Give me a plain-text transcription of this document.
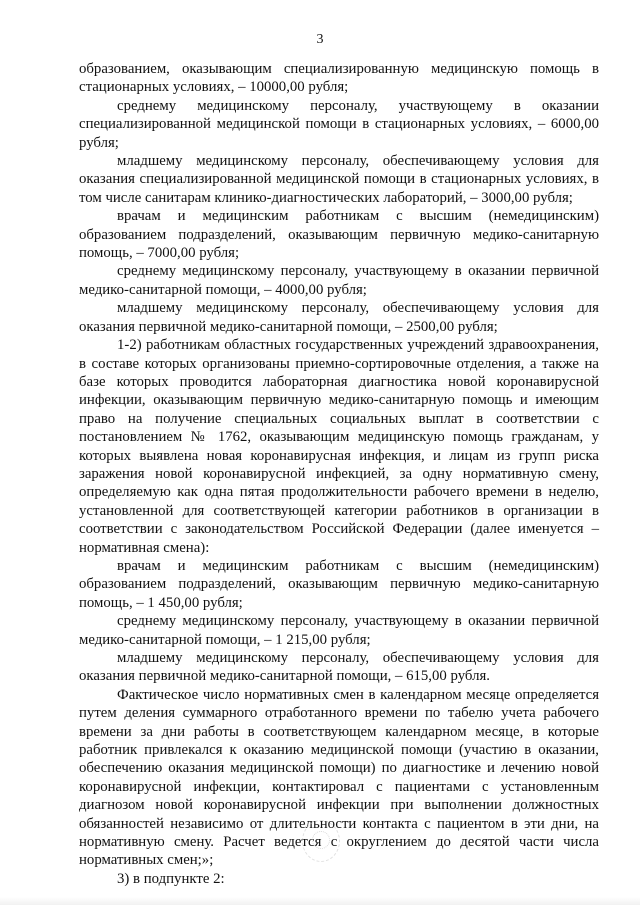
3

образованием, оказывающим специализированную медицинскую помощь в стационарных условиях, – 10000,00 рубля;

среднему медицинскому персоналу, участвующему в оказании специализированной медицинской помощи в стационарных условиях, – 6000,00 рубля;

младшему медицинскому персоналу, обеспечивающему условия для оказания специализированной медицинской помощи в стационарных условиях, в том числе санитарам клинико-диагностических лабораторий, – 3000,00 рубля;

врачам и медицинским работникам с высшим (немедицинским) образованием подразделений, оказывающим первичную медико-санитарную помощь, – 7000,00 рубля;

среднему медицинскому персоналу, участвующему в оказании первичной медико-санитарной помощи, – 4000,00 рубля;

младшему медицинскому персоналу, обеспечивающему условия для оказания первичной медико-санитарной помощи, – 2500,00 рубля;

1-2) работникам областных государственных учреждений здравоохранения, в составе которых организованы приемно-сортировочные отделения, а также на базе которых проводится лабораторная диагностика новой коронавирусной инфекции, оказывающим первичную медико-санитарную помощь и имеющим право на получение специальных социальных выплат в соответствии с постановлением № 1762, оказывающим медицинскую помощь гражданам, у которых выявлена новая коронавирусная инфекция, и лицам из групп риска заражения новой коронавирусной инфекцией, за одну нормативную смену, определяемую как одна пятая продолжительности рабочего времени в неделю, установленной для соответствующей категории работников в организации в соответствии с законодательством Российской Федерации (далее именуется – нормативная смена):

врачам и медицинским работникам с высшим (немедицинским) образованием подразделений, оказывающим первичную медико-санитарную помощь, – 1 450,00 рубля;

среднему медицинскому персоналу, участвующему в оказании первичной медико-санитарной помощи, – 1 215,00 рубля;

младшему медицинскому персоналу, обеспечивающему условия для оказания первичной медико-санитарной помощи, – 615,00 рубля.

Фактическое число нормативных смен в календарном месяце определяется путем деления суммарного отработанного времени по табелю учета рабочего времени за дни работы в соответствующем календарном месяце, в которые работник привлекался к оказанию медицинской помощи (участию в оказании, обеспечению оказания медицинской помощи) по диагностике и лечению новой коронавирусной инфекции, контактировал с пациентами с установленным диагнозом новой коронавирусной инфекции при выполнении должностных обязанностей независимо от длительности контакта с пациентом в эти дни, на нормативную смену. Расчет ведется с округлением до десятой части числа нормативных смен;»;

3) в подпункте 2:
